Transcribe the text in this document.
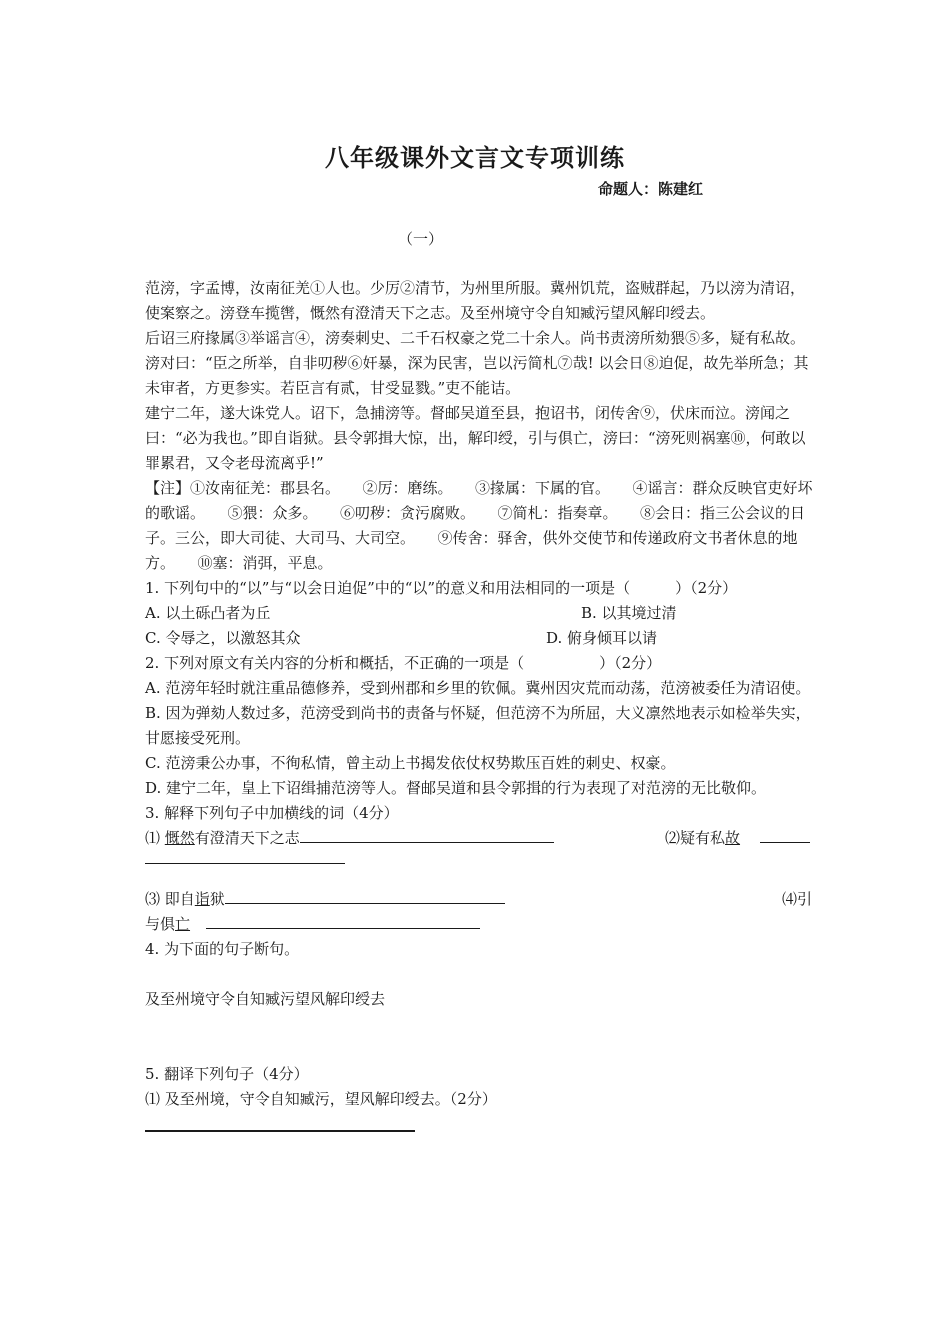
八年级课外文言文专项训练
命题人：陈建红
（一）

范滂，字孟博，汝南征羌①人也。少厉②清节，为州里所服。冀州饥荒，盗贼群起，乃以滂为清诏，使案察之。滂登车揽辔，慨然有澄清天下之志。及至州境守令自知臧污望风解印绶去。

后诏三府掾属③举谣言④，滂奏刺史、二千石权豪之党二十余人。尚书责滂所劾猥⑤多，疑有私故。滂对曰：“臣之所举，自非叨秽⑥奸暴，深为民害，岂以污简札⑦哉! 以会日⑧迫促，故先举所急；其未审者，方更参实。若臣言有贰，甘受显戮。”吏不能诘。

建宁二年，遂大诛党人。诏下，急捕滂等。督邮吴道至县，抱诏书，闭传舍⑨，伏床而泣。滂闻之曰：“必为我也。”即自诣狱。县令郭揖大惊，出，解印绶，引与俱亡，滂曰：“滂死则祸塞⑩，何敢以罪累君，又令老母流离乎!”

【注】①汝南征羌：郡县名。　　②厉：磨练。　　③掾属：下属的官。　　④谣言：群众反映官吏好坏的歌谣。　　⑤猥：众多。　　⑥叨秽：贪污腐败。　　⑦简札：指奏章。　　⑧会日：指三公会议的日子。三公，即大司徒、大司马、大司空。　　⑨传舍：驿舍，供外交使节和传递政府文书者休息的地方。　　⑩塞：消弭，平息。

1. 下列句中的“以”与“以会日迫促”中的“以”的意义和用法相同的一项是（　　　）（2分）

A. 以土砾凸者为丘	B. 以其境过清
C. 令辱之，以激怒其众	D. 俯身倾耳以请

2. 下列对原文有关内容的分析和概括，不正确的一项是（　　　　　）（2分）

A. 范滂年轻时就注重品德修养，受到州郡和乡里的钦佩。冀州因灾荒而动荡，范滂被委任为清诏使。

B. 因为弹劾人数过多，范滂受到尚书的责备与怀疑，但范滂不为所屈，大义凛然地表示如检举失实，甘愿接受死刑。

C. 范滂秉公办事，不徇私情，曾主动上书揭发依仗权势欺压百姓的刺史、权豪。

D. 建宁二年，皇上下诏缉捕范滂等人。督邮吴道和县令郭揖的行为表现了对范滂的无比敬仰。

3. 解释下列句子中加横线的词（4分）

⑴ 慨然有澄清天下之志	⑵疑有私故
⑶ 即自诣狱	⑷引
与俱亡

4. 为下面的句子断句。

及至州境守令自知臧污望风解印绶去

5. 翻译下列句子（4分）

⑴ 及至州境，守令自知臧污，望风解印绶去。（2分）
